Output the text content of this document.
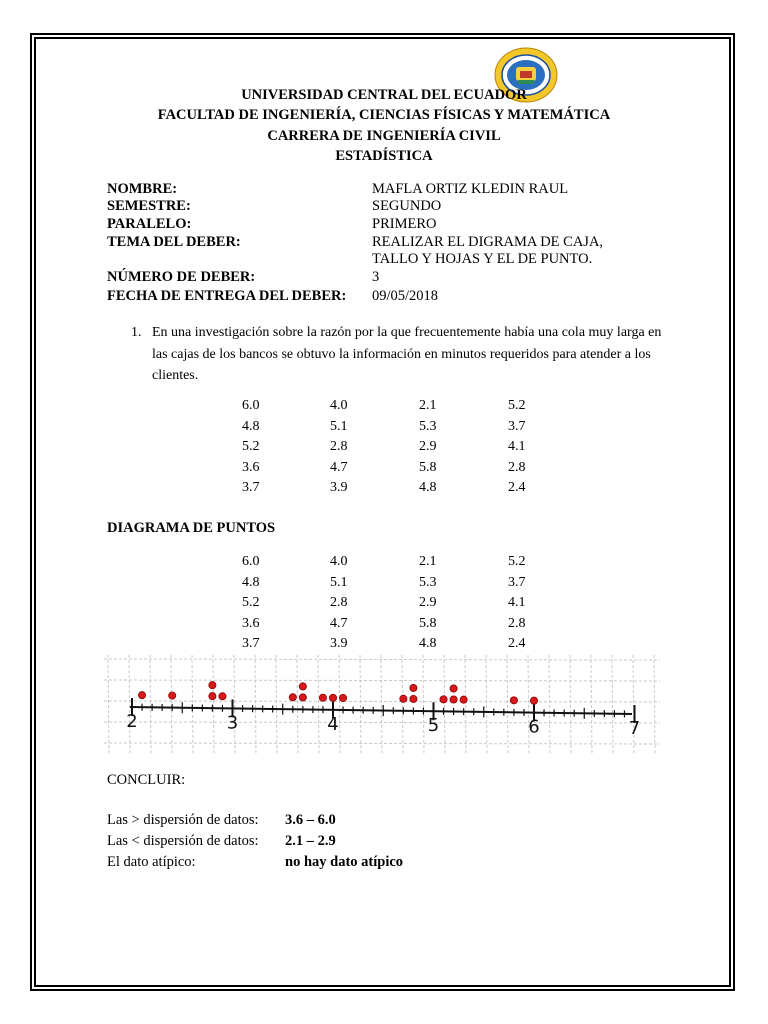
UNIVERSIDAD CENTRAL DEL ECUADOR
FACULTAD DE INGENIERÍA, CIENCIAS FÍSICAS Y MATEMÁTICA
CARRERA DE INGENIERÍA CIVIL
ESTADÍSTICA
NOMBRE:	MAFLA ORTIZ KLEDIN RAUL
SEMESTRE:	SEGUNDO
PARALELO:	PRIMERO
TEMA DEL DEBER:	REALIZAR EL DIGRAMA DE CAJA,
TALLO Y HOJAS Y EL DE PUNTO.
NÚMERO DE DEBER:	3
FECHA DE ENTREGA DEL DEBER: 09/05/2018
1. En una investigación sobre la razón por la que frecuentemente había una cola muy larga en las cajas de los bancos se obtuvo la información en minutos requeridos para atender a los clientes.
6.0	4.0	2.1	5.2
4.8	5.1	5.3	3.7
5.2	2.8	2.9	4.1
3.6	4.7	5.8	2.8
3.7	3.9	4.8	2.4
DIAGRAMA DE PUNTOS
6.0	4.0	2.1	5.2
4.8	5.1	5.3	3.7
5.2	2.8	2.9	4.1
3.6	4.7	5.8	2.8
3.7	3.9	4.8	2.4
2	3	4	5	6	7
CONCLUIR:
Las > dispersión de datos: 3.6 – 6.0
Las < dispersión de datos: 2.1 – 2.9
El dato atípico:	no hay dato atípico
